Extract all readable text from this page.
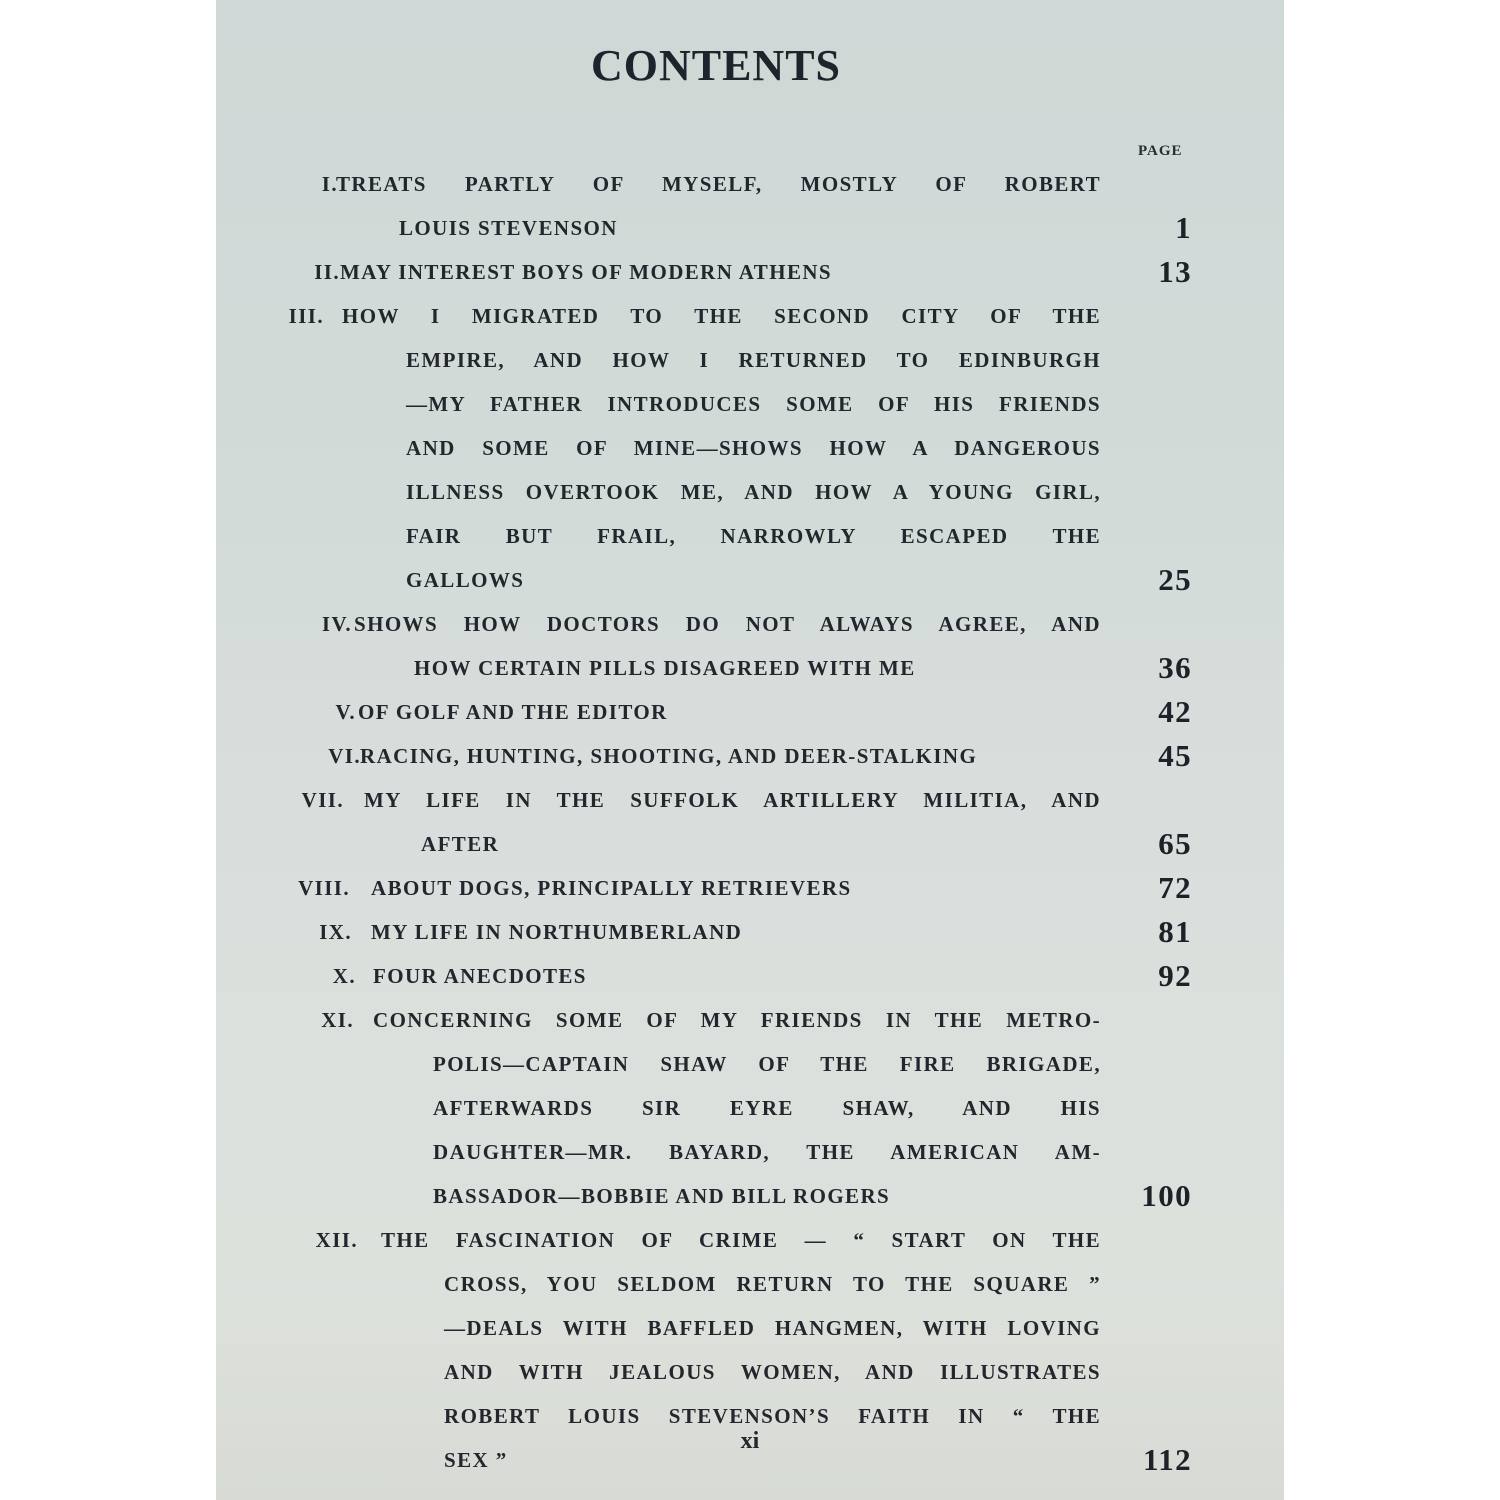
CONTENTS
PAGE
I.
TREATS PARTLY OF MYSELF, MOSTLY OF ROBERT
LOUIS STEVENSON	1
II. MAY INTEREST BOYS OF MODERN ATHENS	13
III. HOW I MIGRATED TO THE SECOND CITY OF THE
EMPIRE, AND HOW I RETURNED TO EDINBURGH
—MY FATHER INTRODUCES SOME OF HIS FRIENDS
AND SOME OF MINE—SHOWS HOW A DANGEROUS
ILLNESS OVERTOOK ME, AND HOW A YOUNG GIRL,
FAIR BUT FRAIL, NARROWLY ESCAPED THE
GALLOWS	25
IV. SHOWS HOW DOCTORS DO NOT ALWAYS AGREE, AND
HOW CERTAIN PILLS DISAGREED WITH ME	36
V. OF GOLF AND THE EDITOR	42
VI. RACING, HUNTING, SHOOTING, AND DEER-STALKING	45
VII. MY LIFE IN THE SUFFOLK ARTILLERY MILITIA, AND
AFTER	65
VIII. ABOUT DOGS, PRINCIPALLY RETRIEVERS	72
IX. MY LIFE IN NORTHUMBERLAND	81
X. FOUR ANECDOTES	92
XI. CONCERNING SOME OF MY FRIENDS IN THE METRO-
POLIS—CAPTAIN SHAW OF THE FIRE BRIGADE,
AFTERWARDS SIR EYRE SHAW, AND HIS
DAUGHTER—MR. BAYARD, THE AMERICAN AM-
BASSADOR—BOBBIE AND BILL ROGERS	100
XII. THE FASCINATION OF CRIME — “ START ON THE
CROSS, YOU SELDOM RETURN TO THE SQUARE ”
—DEALS WITH BAFFLED HANGMEN, WITH LOVING
AND WITH JEALOUS WOMEN, AND ILLUSTRATES
ROBERT LOUIS STEVENSON’S FAITH IN “ THE
SEX ”	112
xi
